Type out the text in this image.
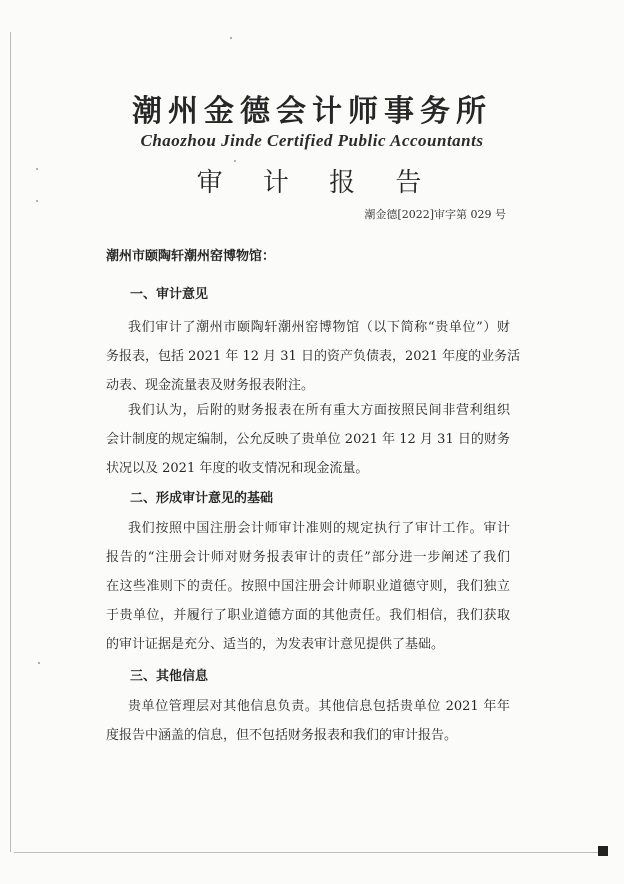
潮州金德会计师事务所
Chaozhou Jinde Certified Public Accountants
审 计 报 告
潮金德[2022]审字第 029 号
潮州市颐陶轩潮州窑博物馆：
一、审计意见
我们审计了潮州市颐陶轩潮州窑博物馆（以下简称“贵单位”）财
务报表，包括 2021 年 12 月 31 日的资产负债表，2021 年度的业务活
动表、现金流量表及财务报表附注。
我们认为，后附的财务报表在所有重大方面按照民间非营利组织
会计制度的规定编制，公允反映了贵单位 2021 年 12 月 31 日的财务
状况以及 2021 年度的收支情况和现金流量。
二、形成审计意见的基础
我们按照中国注册会计师审计准则的规定执行了审计工作。审计
报告的“注册会计师对财务报表审计的责任”部分进一步阐述了我们
在这些准则下的责任。按照中国注册会计师职业道德守则，我们独立
于贵单位，并履行了职业道德方面的其他责任。我们相信，我们获取
的审计证据是充分、适当的，为发表审计意见提供了基础。
三、其他信息
贵单位管理层对其他信息负责。其他信息包括贵单位 2021 年年
度报告中涵盖的信息，但不包括财务报表和我们的审计报告。
